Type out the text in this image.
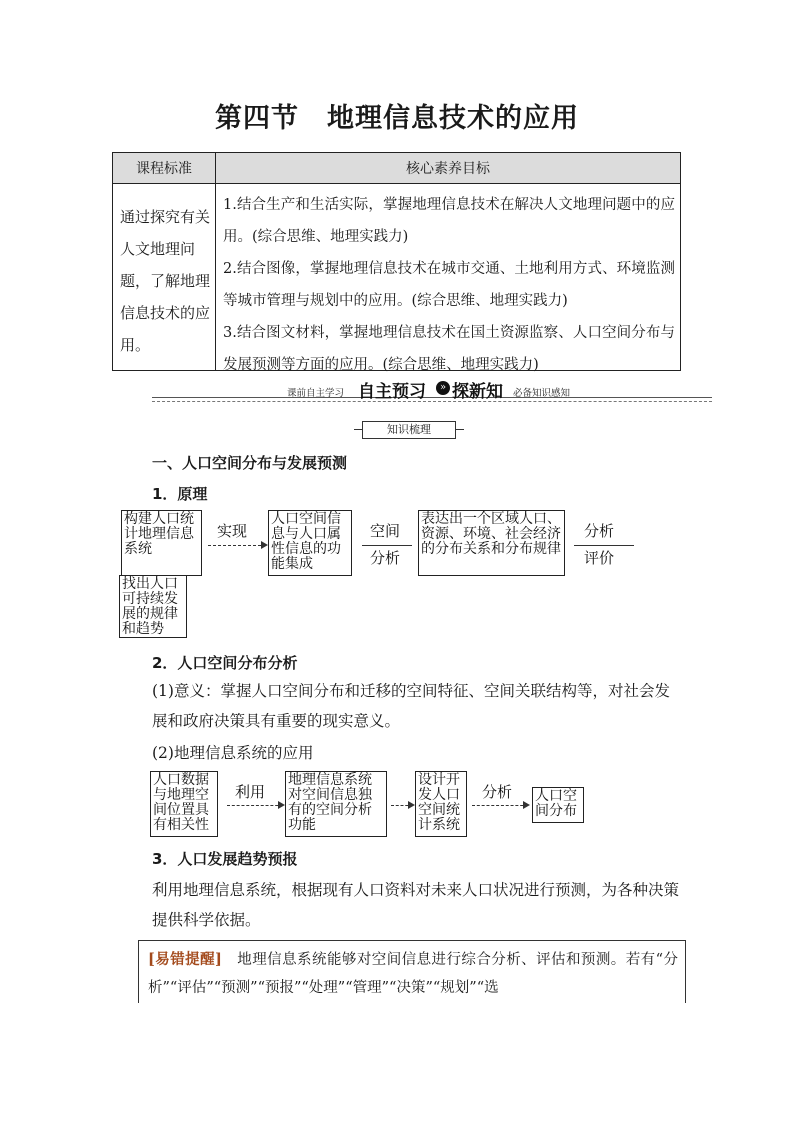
第四节　地理信息技术的应用
课程标准	核心素养目标
通过探究有关人文地理问题，了解地理信息技术的应用。

1.结合生产和生活实际，掌握地理信息技术在解决人文地理问题中的应用。(综合思维、地理实践力)

2.结合图像，掌握地理信息技术在城市交通、土地利用方式、环境监测等城市管理与规划中的应用。(综合思维、地理实践力)

3.结合图文材料，掌握地理信息技术在国土资源监察、人口空间分布与发展预测等方面的应用。(综合思维、地理实践力)

课前自主学习 自主预习	» 探新知 必备知识感知
知识梳理
一、人口空间分布与发展预测
1．原理
构建人口统计地理信息系统
实现
人口空间信息与人口属性信息的功能集成
空间
分析
表达出一个区域人口、资源、环境、社会经济的分布关系和分布规律
分析
评价
找出人口可持续发展的规律和趋势
2．人口空间分布分析
(1)意义：掌握人口空间分布和迁移的空间特征、空间关联结构等，对社会发展和政府决策具有重要的现实意义。
(2)地理信息系统的应用
人口数据与地理空间位置具有相关性
利用
地理信息系统对空间信息独有的空间分析功能
设计开发人口空间统计系统
分析 人口空间分布
3．人口发展趋势预报
利用地理信息系统，根据现有人口资料对未来人口状况进行预测，为各种决策提供科学依据。
[易错提醒]　地理信息系统能够对空间信息进行综合分析、评估和预测。若有“分析”“评估”“预测”“预报”“处理”“管理”“决策”“规划”“选
